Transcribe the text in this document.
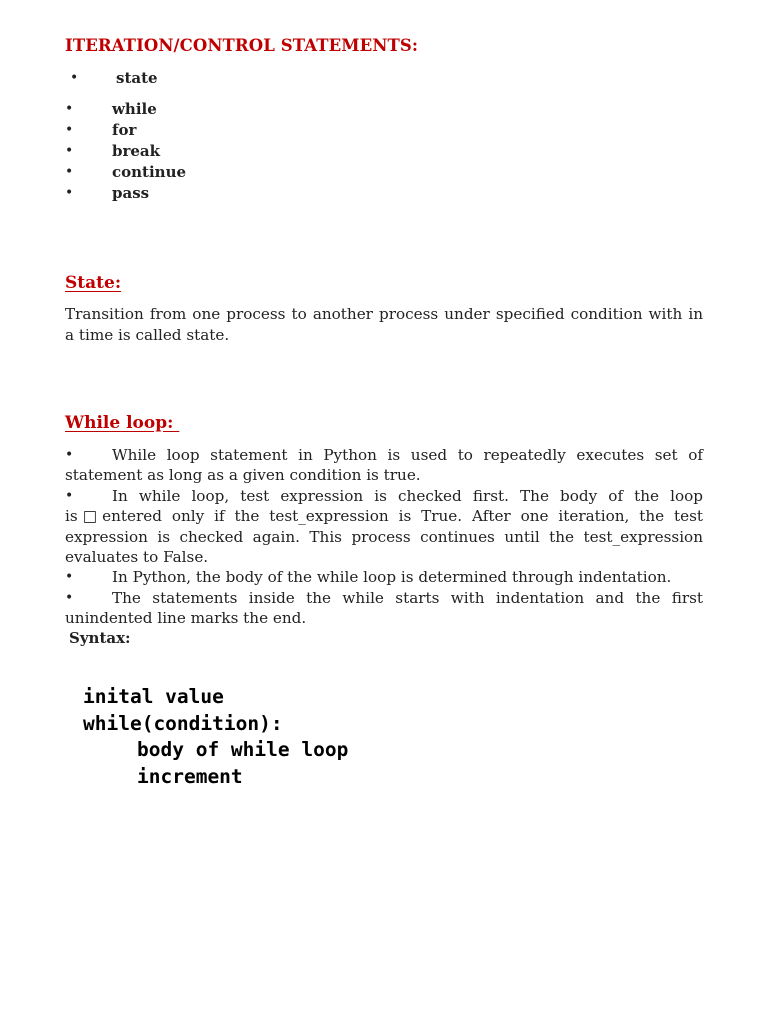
ITERATION/CONTROL STATEMENTS:
•	state
•	while
•	for
•	break
•	continue
•	pass
State:

Transition from one process to another process under specified condition with in a time is called state.

While loop:
•	While loop statement in Python is used to repeatedly executes set of statement as long as a given condition is true.
•	In while loop, test expression is checked first. The body of the loop is□entered only if the test_expression is True. After one iteration, the test expression is checked again. This process continues until the test_expression evaluates to False.
•	In Python, the body of the while loop is determined through indentation.
•	The statements inside the while starts with indentation and the first unindented line marks the end.

Syntax:

inital value
while(condition):
body of while loop
increment
